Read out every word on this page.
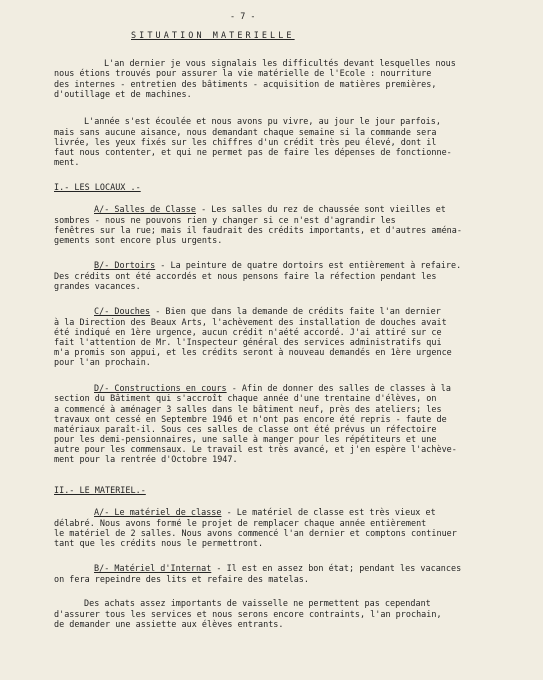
- 7 -
SITUATION MATERIELLE
L'an dernier je vous signalais les difficultés devant lesquelles nous
nous étions trouvés pour assurer la vie matérielle de l'Ecole : nourriture
des internes - entretien des bâtiments - acquisition de matières premières,
d'outillage et de machines.
L'année s'est écoulée et nous avons pu vivre, au jour le jour parfois,
mais sans aucune aisance, nous demandant chaque semaine si la commande sera
livrée, les yeux fixés sur les chiffres d'un crédit très peu élevé, dont il
faut nous contenter, et qui ne permet pas de faire les dépenses de fonctionne-
ment.
I.- LES LOCAUX .-
A/- Salles de Classe - Les salles du rez de chaussée sont vieilles et
sombres - nous ne pouvons rien y changer si ce n'est d'agrandir les
fenêtres sur la rue; mais il faudrait des crédits importants, et d'autres aména-
gements sont encore plus urgents.
B/- Dortoirs - La peinture de quatre dortoirs est entièrement à refaire.
Des crédits ont été accordés et nous pensons faire la réfection pendant les
grandes vacances.
C/- Douches - Bien que dans la demande de crédits faite l'an dernier
à la Direction des Beaux Arts, l'achèvement des installation de douches avait
été indiqué en 1ère urgence, aucun crédit n'aété accordé. J'ai attiré sur ce
fait l'attention de Mr. l'Inspecteur général des services administratifs qui
m'a promis son appui, et les crédits seront à nouveau demandés en 1ère urgence
pour l'an prochain.
D/- Constructions en cours - Afin de donner des salles de classes à la
section du Bâtiment qui s'accroît chaque année d'une trentaine d'élèves, on
a commencé à aménager 3 salles dans le bâtiment neuf, près des ateliers; les
travaux ont cessé en Septembre 1946 et n'ont pas encore été repris - faute de
matériaux paraît-il. Sous ces salles de classe ont été prévus un réfectoire
pour les demi-pensionnaires, une salle à manger pour les répétiteurs et une
autre pour les commensaux. Le travail est très avancé, et j'en espère l'achève-
ment pour la rentrée d'Octobre 1947.
II.- LE MATERIEL.-
A/- Le matériel de classe - Le matériel de classe est très vieux et
délabré. Nous avons formé le projet de remplacer chaque année entièrement
le matériel de 2 salles. Nous avons commencé l'an dernier et comptons continuer
tant que les crédits nous le permettront.
B/- Matériel d'Internat - Il est en assez bon état; pendant les vacances
on fera repeindre des lits et refaire des matelas.
Des achats assez importants de vaisselle ne permettent pas cependant
d'assurer tous les services et nous serons encore contraints, l'an prochain,
de demander une assiette aux élèves entrants.
